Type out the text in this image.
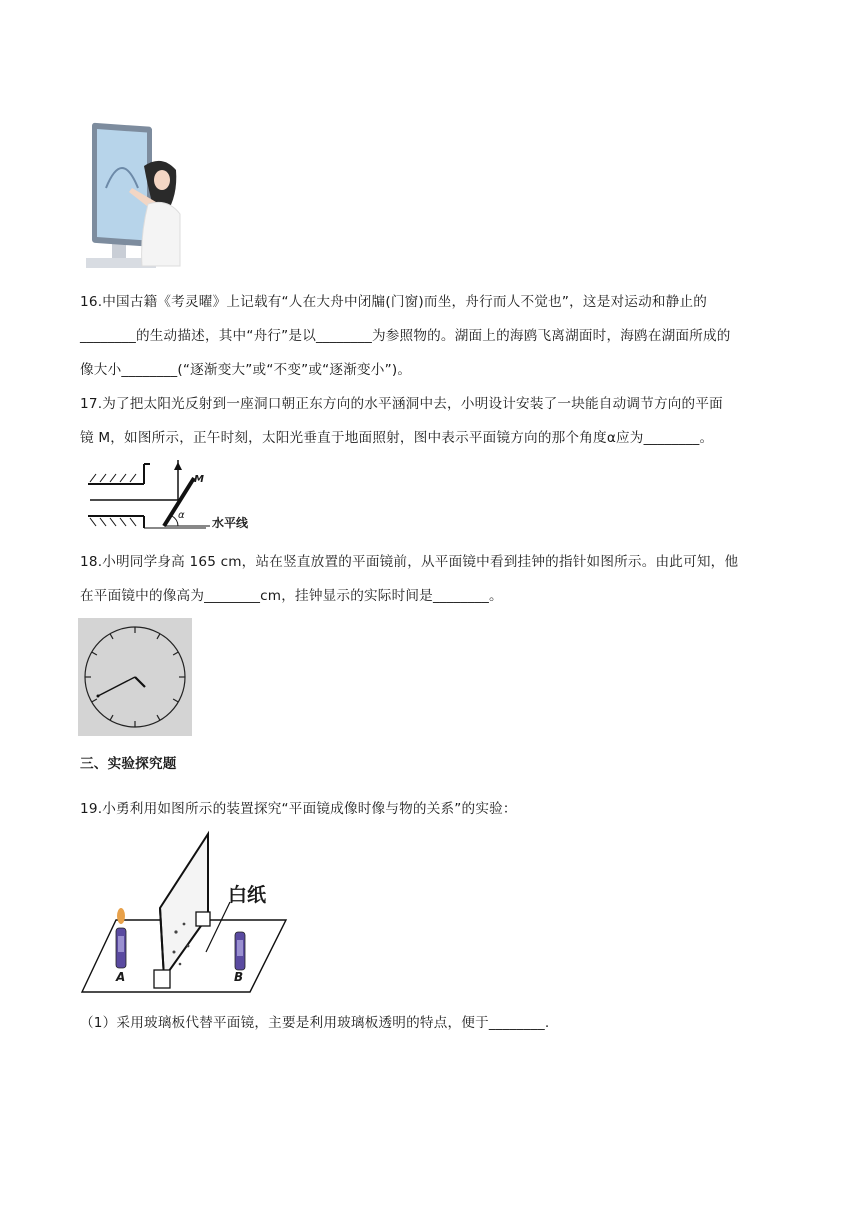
16.中国古籍《考灵曜》上记载有“人在大舟中闭牖(门窗)而坐，舟行而人不觉也”，这是对运动和静止的

________的生动描述，其中“舟行”是以________为参照物的。湖面上的海鸥飞离湖面时，海鸥在湖面所成的

像大小________(“逐渐变大”或“不变”或“逐渐变小”)。

17.为了把太阳光反射到一座洞口朝正东方向的水平涵洞中去，小明设计安装了一块能自动调节方向的平面

镜 M，如图所示，正午时刻，太阳光垂直于地面照射，图中表示平面镜方向的那个角度α应为________。

M
α
水平线

18.小明同学身高 165 cm，站在竖直放置的平面镜前，从平面镜中看到挂钟的指针如图所示。由此可知，他

在平面镜中的像高为________cm，挂钟显示的实际时间是________。

三、实验探究题

19.小勇利用如图所示的装置探究“平面镜成像时像与物的关系”的实验：

白纸
A	B

（1）采用玻璃板代替平面镜，主要是利用玻璃板透明的特点，便于________.
